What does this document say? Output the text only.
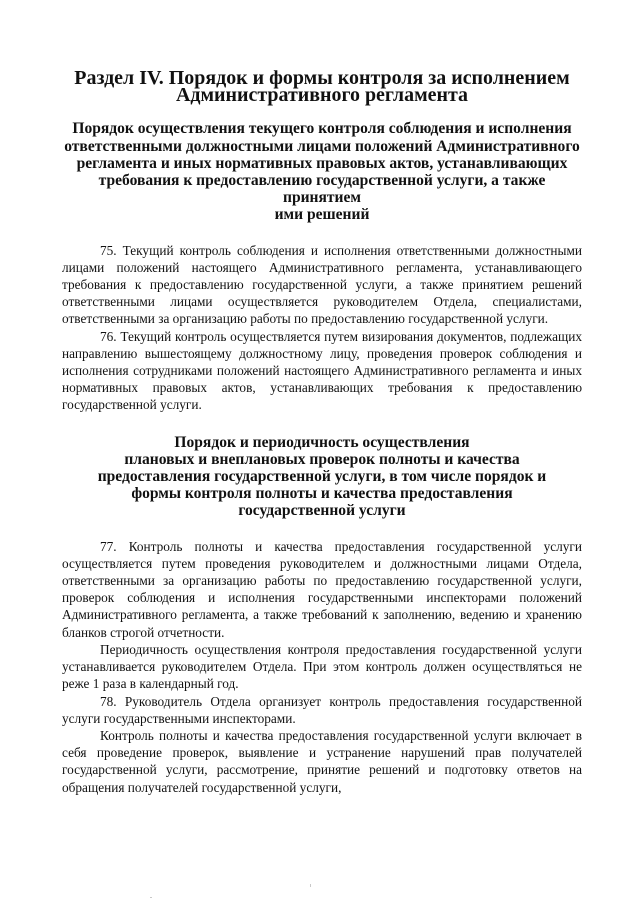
Раздел IV. Порядок и формы контроля за исполнением
Административного регламента
Порядок осуществления текущего контроля соблюдения и исполнения
ответственными должностными лицами положений Административного
регламента и иных нормативных правовых актов, устанавливающих
требования к предоставлению государственной услуги, а также принятием
ими решений

75. Текущий контроль соблюдения и исполнения ответственными должностными лицами положений настоящего Административного регламента, устанавливающего требования к предоставлению государственной услуги, а также принятием решений ответственными лицами осуществляется руководителем Отдела, специалистами, ответственными за организацию работы по предоставлению государственной услуги.

76. Текущий контроль осуществляется путем визирования документов, подлежащих направлению вышестоящему должностному лицу, проведения проверок соблюдения и исполнения сотрудниками положений настоящего Административного регламента и иных нормативных правовых актов, устанавливающих требования к предоставлению государственной услуги.

Порядок и периодичность осуществления
плановых и внеплановых проверок полноты и качества
предоставления государственной услуги, в том числе порядок и
формы контроля полноты и качества предоставления
государственной услуги

77. Контроль полноты и качества предоставления государственной услуги осуществляется путем проведения руководителем и должностными лицами Отдела, ответственными за организацию работы по предоставлению государственной услуги, проверок соблюдения и исполнения государственными инспекторами положений Административного регламента, а также требований к заполнению, ведению и хранению бланков строгой отчетности.

Периодичность осуществления контроля предоставления государственной услуги устанавливается руководителем Отдела. При этом контроль должен осуществляться не реже 1 раза в календарный год.

78. Руководитель Отдела организует контроль предоставления государственной услуги государственными инспекторами.

Контроль полноты и качества предоставления государственной услуги включает в себя проведение проверок, выявление и устранение нарушений прав получателей государственной услуги, рассмотрение, принятие решений и подготовку ответов на обращения получателей государственной услуги,
